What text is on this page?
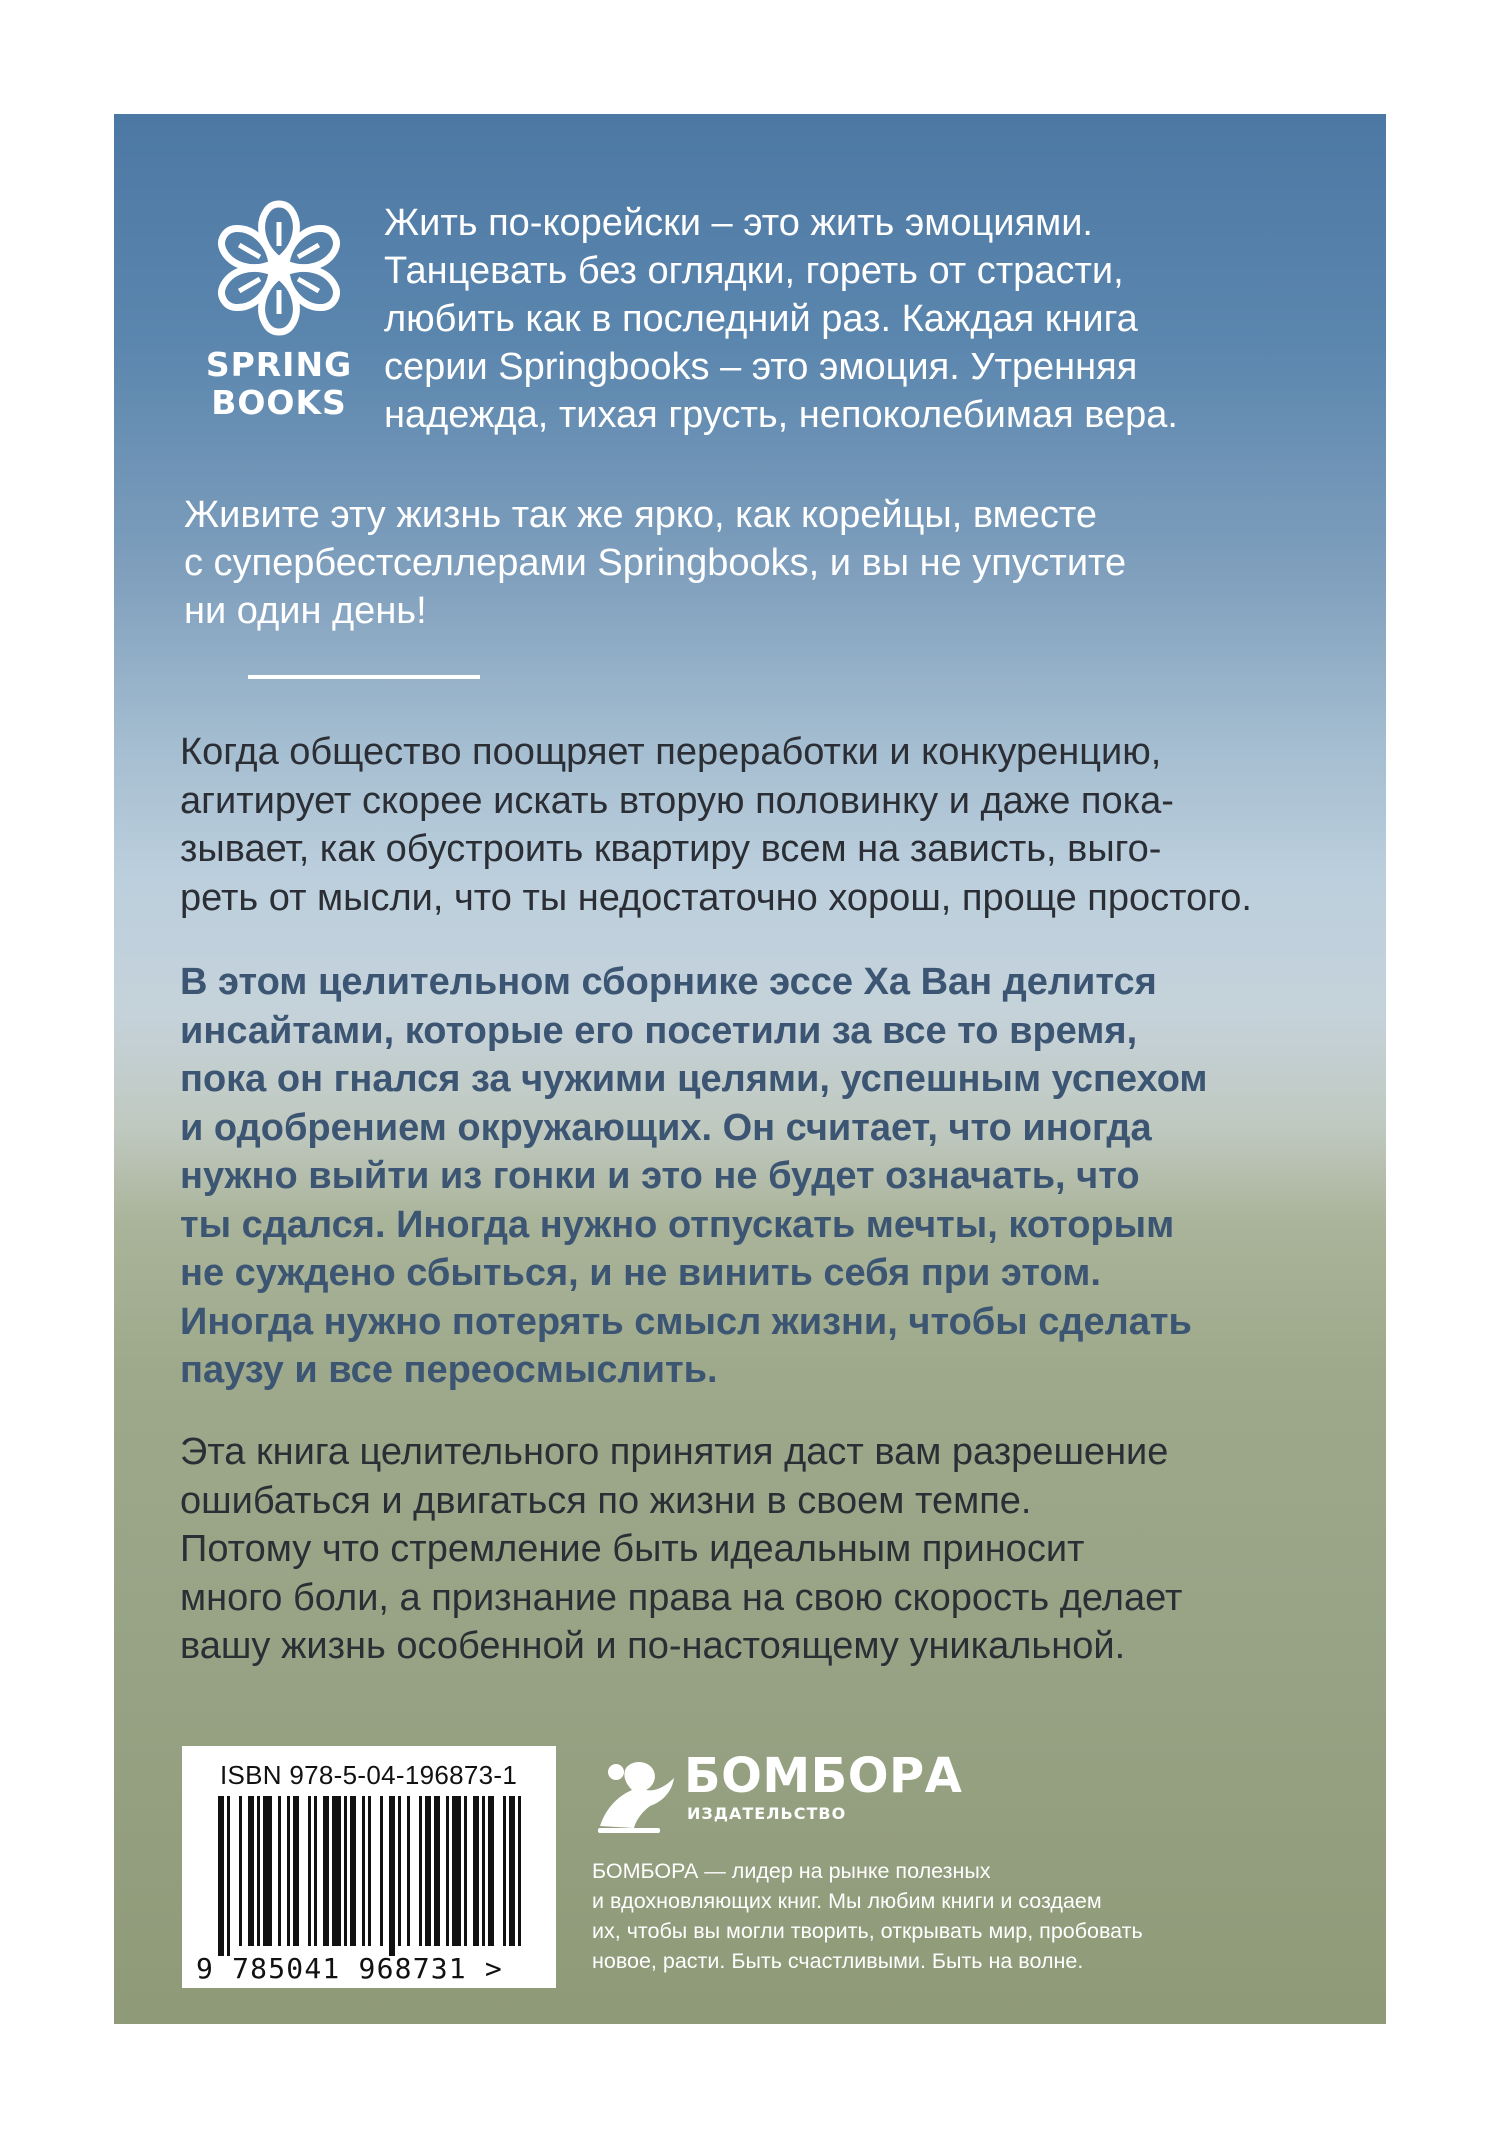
SPRING
BOOKS

Жить по-корейски – это жить эмоциями.

Танцевать без оглядки, гореть от страсти,

любить как в последний раз. Каждая книга

серии Springbooks – это эмоция. Утренняя

надежда, тихая грусть, непоколебимая вера.

Живите эту жизнь так же ярко, как корейцы, вместе

с супербестселлерами Springbooks, и вы не упустите

ни один день!

Когда общество поощряет переработки и конкуренцию,

агитирует скорее искать вторую половинку и даже пока-

зывает, как обустроить квартиру всем на зависть, выго-

реть от мысли, что ты недостаточно хорош, проще простого.

В этом целительном сборнике эссе Ха Ван делится

инсайтами, которые его посетили за все то время,

пока он гнался за чужими целями, успешным успехом

и одобрением окружающих. Он считает, что иногда

нужно выйти из гонки и это не будет означать, что

ты сдался. Иногда нужно отпускать мечты, которым

не суждено сбыться, и не винить себя при этом.

Иногда нужно потерять смысл жизни, чтобы сделать

паузу и все переосмыслить.

Эта книга целительного принятия даст вам разрешение

ошибаться и двигаться по жизни в своем темпе.

Потому что стремление быть идеальным приносит

много боли, а признание права на свою скорость делает

вашу жизнь особенной и по-настоящему уникальной.

ISBN 978-5-04-196873-1
9 785041 968731 >
БОМБОРА
ИЗДАТЕЛЬСТВО
БОМБОРА — лидер на рынке полезных
и вдохновляющих книг. Мы любим книги и создаем
их, чтобы вы могли творить, открывать мир, пробовать
новое, расти. Быть счастливыми. Быть на волне.
